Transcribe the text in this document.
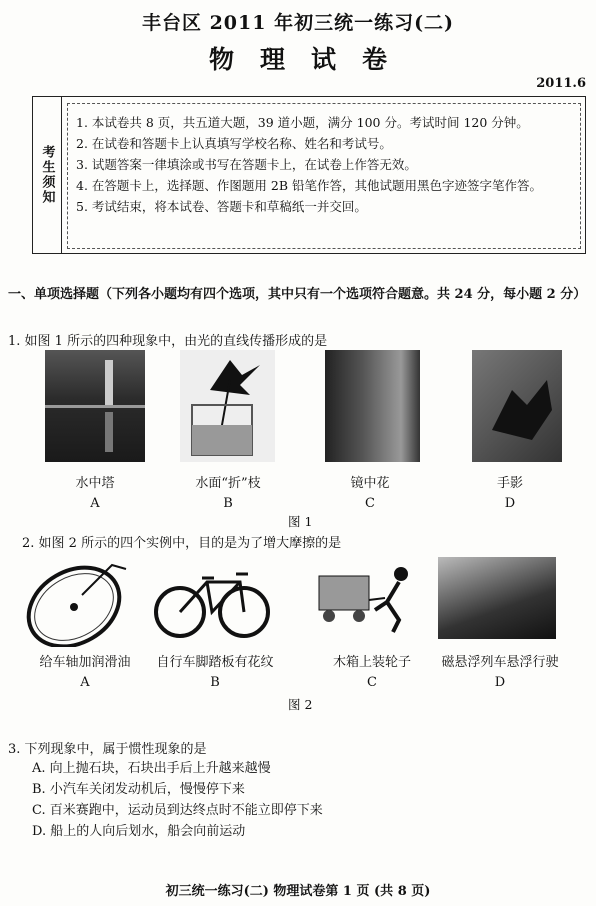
丰台区 2011 年初三统一练习(二)
物理试卷
2011.6
考生须知
1. 本试卷共 8 页，共五道大题，39 道小题，满分 100 分。考试时间 120 分钟。
2. 在试卷和答题卡上认真填写学校名称、姓名和考试号。
3. 试题答案一律填涂或书写在答题卡上，在试卷上作答无效。
4. 在答题卡上，选择题、作图题用 2B 铅笔作答，其他试题用黑色字迹签字笔作答。
5. 考试结束，将本试卷、答题卡和草稿纸一并交回。
一、单项选择题（下列各小题均有四个选项，其中只有一个选项符合题意。共 24 分，每小题 2 分）
1. 如图 1 所示的四种现象中，由光的直线传播形成的是
水中塔
A
水面“折”枝
B
镜中花
C
手影
D
图 1
2. 如图 2 所示的四个实例中，目的是为了增大摩擦的是
给车轴加润滑油
A
自行车脚踏板有花纹
B
木箱上装轮子
C
磁悬浮列车悬浮行驶
D
图 2
3. 下列现象中，属于惯性现象的是
A. 向上抛石块，石块出手后上升越来越慢
B. 小汽车关闭发动机后，慢慢停下来
C. 百米赛跑中，运动员到达终点时不能立即停下来
D. 船上的人向后划水，船会向前运动
初三统一练习(二) 物理试卷第 1 页 (共 8 页)
